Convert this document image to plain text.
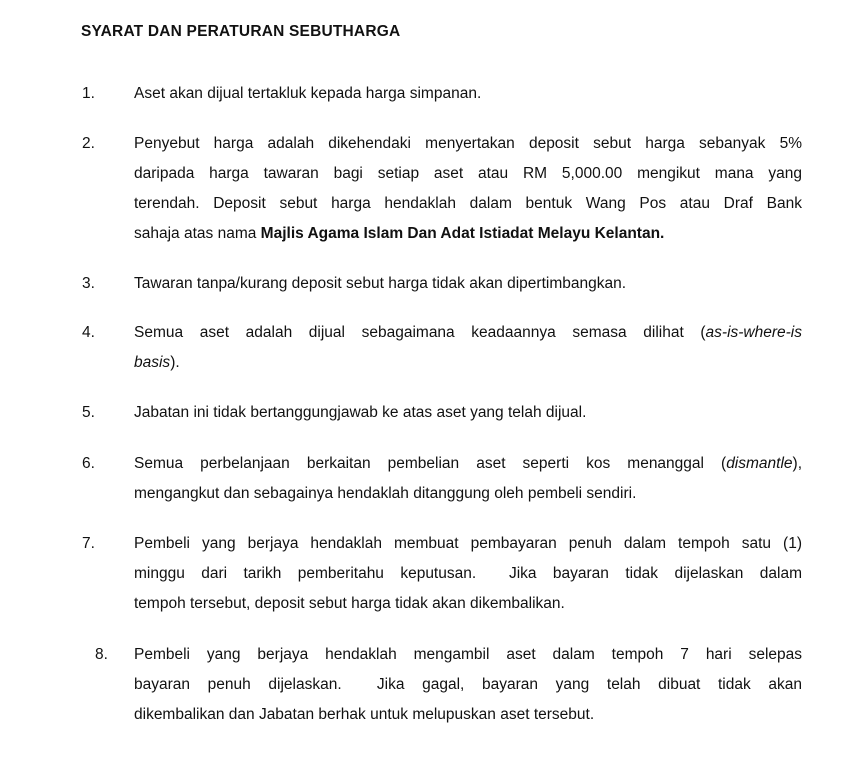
SYARAT DAN PERATURAN SEBUTHARGA
1.	Aset akan dijual tertakluk kepada harga simpanan.

2.	Penyebut harga adalah dikehendaki menyertakan deposit sebut harga sebanyak 5%
daripada harga tawaran bagi setiap aset atau RM 5,000.00 mengikut mana yang
terendah. Deposit sebut harga hendaklah dalam bentuk Wang Pos atau Draf Bank
sahaja atas nama Majlis Agama Islam Dan Adat Istiadat Melayu Kelantan.

3.	Tawaran tanpa/kurang deposit sebut harga tidak akan dipertimbangkan.

4.	Semua aset adalah dijual sebagaimana keadaannya semasa dilihat (as-is-where-is
basis).

5.	Jabatan ini tidak bertanggungjawab ke atas aset yang telah dijual.

6.	Semua perbelanjaan berkaitan pembelian aset seperti kos menanggal (dismantle),
mengangkut dan sebagainya hendaklah ditanggung oleh pembeli sendiri.

7.	Pembeli yang berjaya hendaklah membuat pembayaran penuh dalam tempoh satu (1)
minggu dari tarikh pemberitahu keputusan.  Jika bayaran tidak dijelaskan dalam
tempoh tersebut, deposit sebut harga tidak akan dikembalikan.

8. Pembeli yang berjaya hendaklah mengambil aset dalam tempoh 7 hari selepas
bayaran penuh dijelaskan.  Jika gagal, bayaran yang telah dibuat tidak akan
dikembalikan dan Jabatan berhak untuk melupuskan aset tersebut.
